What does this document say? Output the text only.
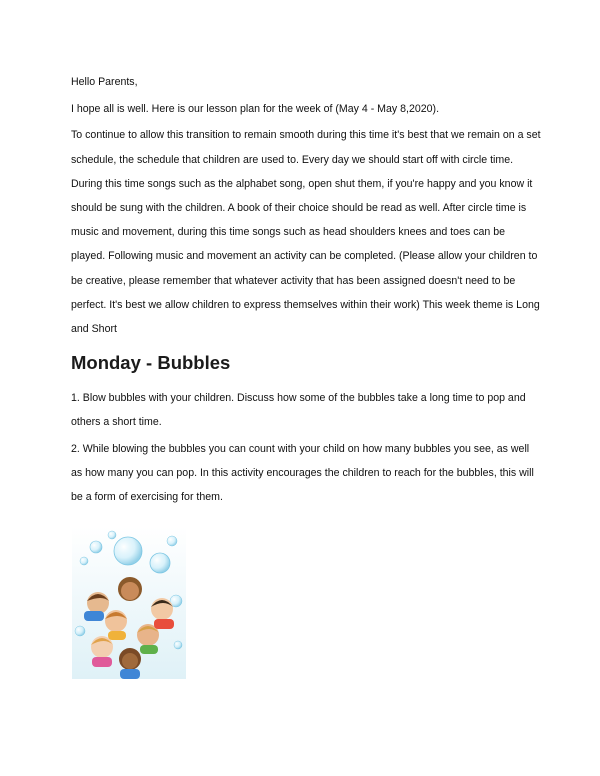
Hello Parents,

I hope all is well. Here is our lesson plan for the week of (May 4 - May 8,2020).

To continue to allow this transition to remain smooth during this time it's best that we remain on a set schedule, the schedule that children are used to. Every day we should start off with circle time. During this time songs such as the alphabet song, open shut them, if you're happy and you know it should be sung with the children. A book of their choice should be read as well. After circle time is music and movement, during this time songs such as head shoulders knees and toes can be played. Following music and movement an activity can be completed. (Please allow your children to be creative, please remember that whatever activity that has been assigned doesn't need to be perfect. It's best we allow children to express themselves within their work) This week theme is Long and Short

Monday - Bubbles

1. Blow bubbles with your children. Discuss how some of the bubbles take a long time to pop and others a short time.

2. While blowing the bubbles you can count with your child on how many bubbles you see, as well as how many you can pop. In this activity encourages the children to reach for the bubbles, this will be a form of exercising for them.
